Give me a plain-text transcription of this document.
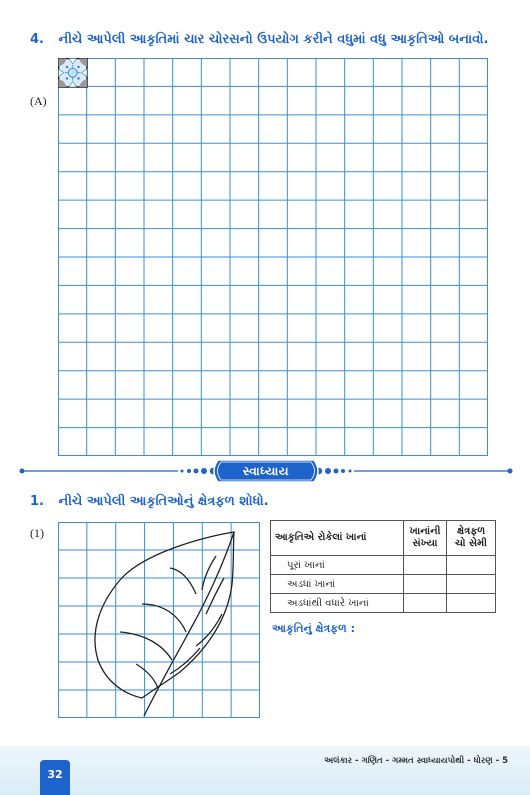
4. નીચે આપેલી આકૃતિમાં ચાર ચોરસનો ઉપયોગ કરીને વધુમાં વધુ આકૃતિઓ બનાવો.
(A)
સ્વાધ્યાય
1. નીચે આપેલી આકૃતિઓનું ક્ષેત્રફળ શોધો.
(1)	આકૃતિએ રોકેલાં ખાનાં	ખાનાંની સંખ્યા	ક્ષેત્રફળ ચો સેમી
પૂરાં ખાનાં		
અડધાં ખાનાં		
અડધાંથી વધારે ખાનાં		
આકૃતિનું ક્ષેત્રફળ :
અલંકાર - ગણિત - ગમ્મત સ્વાધ્યાયપોથી - ધોરણ - 5
32
